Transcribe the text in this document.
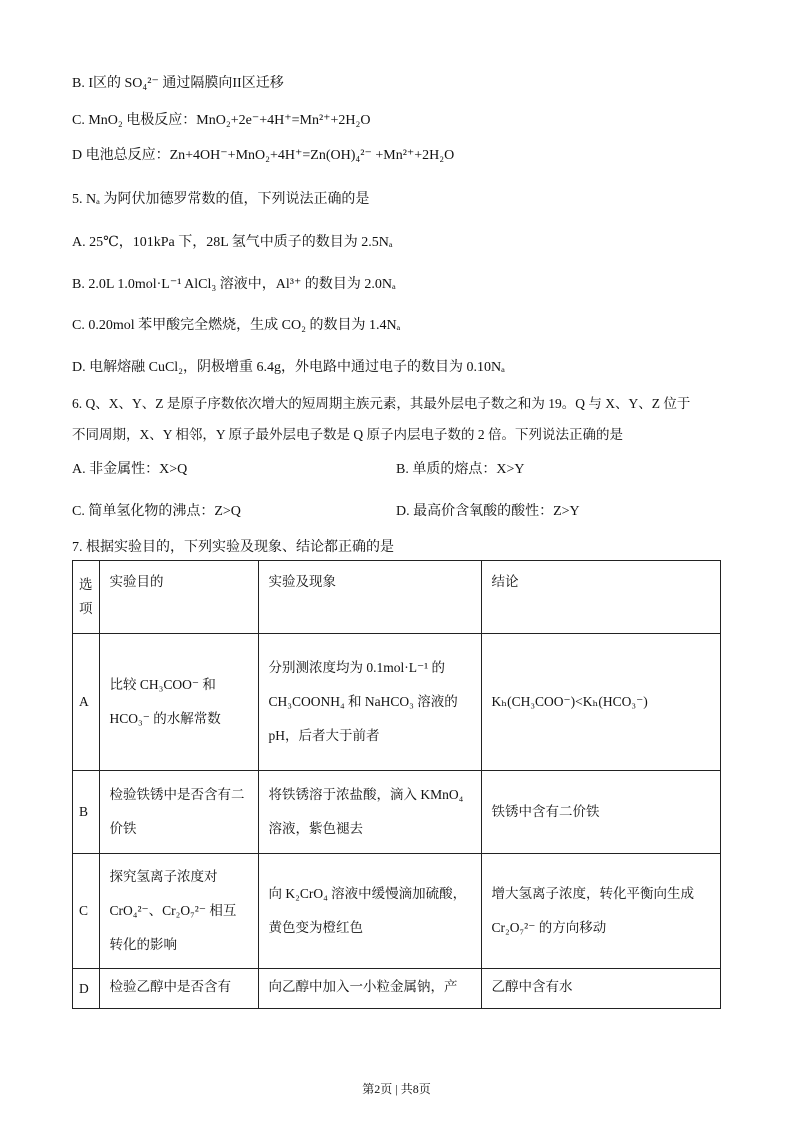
B. I区的 SO₄²⁻ 通过隔膜向II区迁移
C. MnO₂ 电极反应：MnO₂+2e⁻+4H⁺=Mn²⁺+2H₂O
D 电池总反应：Zn+4OH⁻+MnO₂+4H⁺=Zn(OH)₄²⁻ +Mn²⁺+2H₂O
5. Nₐ 为阿伏加德罗常数的值，下列说法正确的是
A. 25℃，101kPa 下，28L 氢气中质子的数目为 2.5Nₐ
B. 2.0L 1.0mol·L⁻¹ AlCl₃ 溶液中，Al³⁺ 的数目为 2.0Nₐ
C. 0.20mol 苯甲酸完全燃烧，生成 CO₂ 的数目为 1.4Nₐ
D. 电解熔融 CuCl₂，阴极增重 6.4g，外电路中通过电子的数目为 0.10Nₐ
6. Q、X、Y、Z 是原子序数依次增大的短周期主族元素，其最外层电子数之和为 19。Q 与 X、Y、Z 位于
不同周期，X、Y 相邻，Y 原子最外层电子数是 Q 原子内层电子数的 2 倍。下列说法正确的是
A. 非金属性：X>Q	B. 单质的熔点：X>Y
C. 简单氢化物的沸点：Z>Q	D. 最高价含氧酸的酸性：Z>Y
7. 根据实验目的，下列实验及现象、结论都正确的是
选项	实验目的	实验及现象	结论
A	比较 CH₃COO⁻ 和 HCO₃⁻ 的水解常数	分别测浓度均为 0.1mol·L⁻¹ 的 CH₃COONH₄ 和 NaHCO₃ 溶液的 pH，后者大于前者	Kₕ(CH₃COO⁻)<Kₕ(HCO₃⁻)
B	检验铁锈中是否含有二价铁	将铁锈溶于浓盐酸，滴入 KMnO₄ 溶液，紫色褪去	铁锈中含有二价铁
C	探究氢离子浓度对 CrO₄²⁻、Cr₂O₇²⁻ 相互转化的影响	向 K₂CrO₄ 溶液中缓慢滴加硫酸，黄色变为橙红色	增大氢离子浓度，转化平衡向生成 Cr₂O₇²⁻ 的方向移动
D	检验乙醇中是否含有	向乙醇中加入一小粒金属钠，产	乙醇中含有水
第2页 | 共8页
